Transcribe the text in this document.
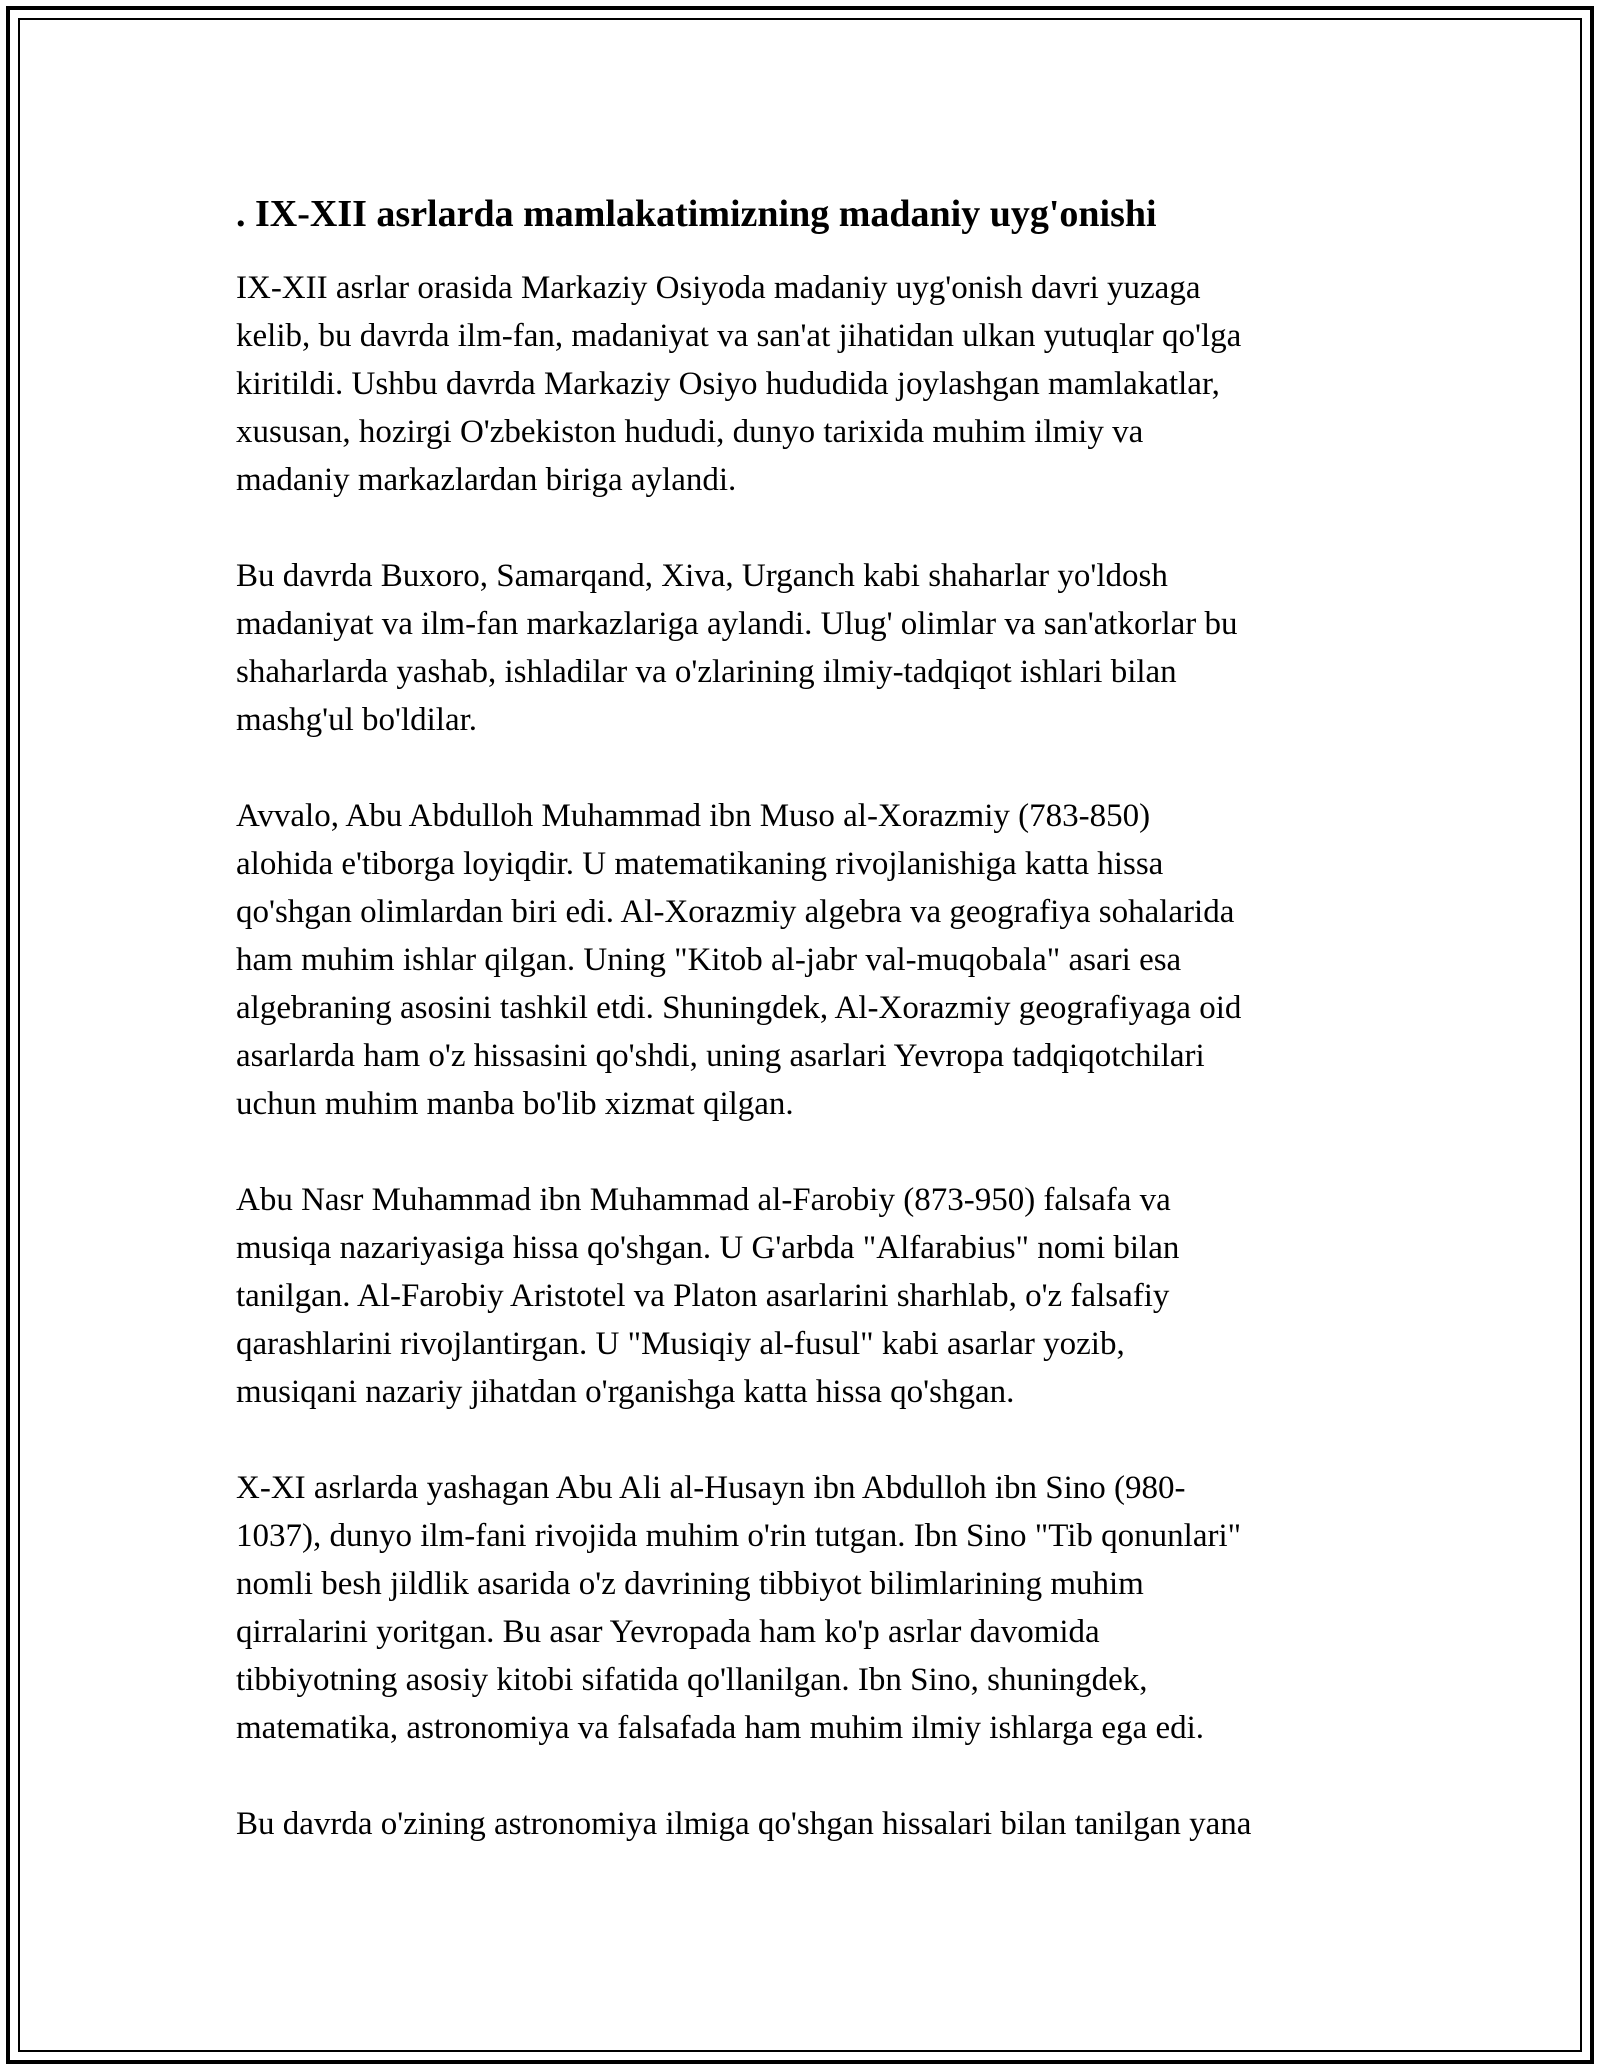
. IX-XII asrlarda mamlakatimizning madaniy uyg'onishi

IX-XII asrlar orasida Markaziy Osiyoda madaniy uyg'onish davri yuzaga
kelib, bu davrda ilm-fan, madaniyat va san'at jihatidan ulkan yutuqlar qo'lga
kiritildi. Ushbu davrda Markaziy Osiyo hududida joylashgan mamlakatlar,
xususan, hozirgi O'zbekiston hududi, dunyo tarixida muhim ilmiy va
madaniy markazlardan biriga aylandi.

Bu davrda Buxoro, Samarqand, Xiva, Urganch kabi shaharlar yo'ldosh
madaniyat va ilm-fan markazlariga aylandi. Ulug' olimlar va san'atkorlar bu
shaharlarda yashab, ishladilar va o'zlarining ilmiy-tadqiqot ishlari bilan
mashg'ul bo'ldilar.

Avvalo, Abu Abdulloh Muhammad ibn Muso al-Xorazmiy (783-850)
alohida e'tiborga loyiqdir. U matematikaning rivojlanishiga katta hissa
qo'shgan olimlardan biri edi. Al-Xorazmiy algebra va geografiya sohalarida
ham muhim ishlar qilgan. Uning "Kitob al-jabr val-muqobala" asari esa
algebraning asosini tashkil etdi. Shuningdek, Al-Xorazmiy geografiyaga oid
asarlarda ham o'z hissasini qo'shdi, uning asarlari Yevropa tadqiqotchilari
uchun muhim manba bo'lib xizmat qilgan.

Abu Nasr Muhammad ibn Muhammad al-Farobiy (873-950) falsafa va
musiqa nazariyasiga hissa qo'shgan. U G'arbda "Alfarabius" nomi bilan
tanilgan. Al-Farobiy Aristotel va Platon asarlarini sharhlab, o'z falsafiy
qarashlarini rivojlantirgan. U "Musiqiy al-fusul" kabi asarlar yozib,
musiqani nazariy jihatdan o'rganishga katta hissa qo'shgan.

X-XI asrlarda yashagan Abu Ali al-Husayn ibn Abdulloh ibn Sino (980-
1037), dunyo ilm-fani rivojida muhim o'rin tutgan. Ibn Sino "Tib qonunlari"
nomli besh jildlik asarida o'z davrining tibbiyot bilimlarining muhim
qirralarini yoritgan. Bu asar Yevropada ham ko'p asrlar davomida
tibbiyotning asosiy kitobi sifatida qo'llanilgan. Ibn Sino, shuningdek,
matematika, astronomiya va falsafada ham muhim ilmiy ishlarga ega edi.

Bu davrda o'zining astronomiya ilmiga qo'shgan hissalari bilan tanilgan yana
